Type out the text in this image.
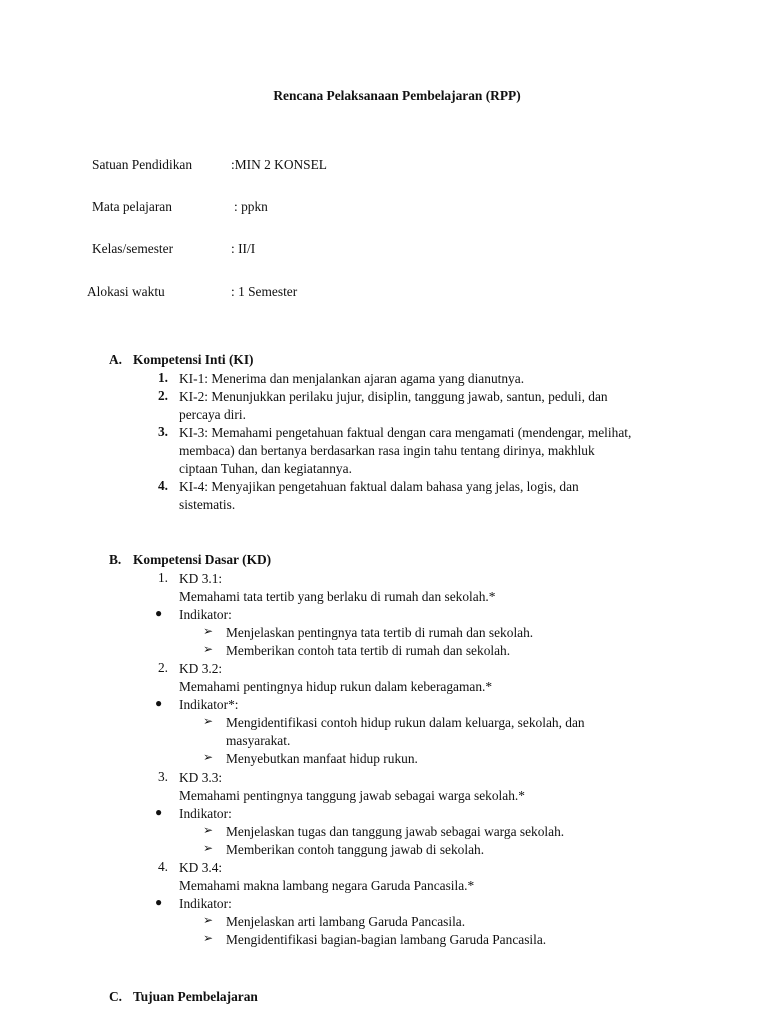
Rencana Pelaksanaan Pembelajaran (RPP)
Satuan Pendidikan	:MIN 2 KONSEL
Mata pelajaran	: ppkn
Kelas/semester	: II/I
Alokasi waktu	: 1 Semester
A. Kompetensi Inti (KI)
1. KI-1: Menerima dan menjalankan ajaran agama yang dianutnya.
2. KI-2: Menunjukkan perilaku jujur, disiplin, tanggung jawab, santun, peduli, dan
percaya diri.
3. KI-3: Memahami pengetahuan faktual dengan cara mengamati (mendengar, melihat,
membaca) dan bertanya berdasarkan rasa ingin tahu tentang dirinya, makhluk
ciptaan Tuhan, dan kegiatannya.
4. KI-4: Menyajikan pengetahuan faktual dalam bahasa yang jelas, logis, dan
sistematis.
B. Kompetensi Dasar (KD)
1. KD 3.1:
Memahami tata tertib yang berlaku di rumah dan sekolah.*
● Indikator:
➢ Menjelaskan pentingnya tata tertib di rumah dan sekolah.
➢ Memberikan contoh tata tertib di rumah dan sekolah.
2. KD 3.2:
Memahami pentingnya hidup rukun dalam keberagaman.*
● Indikator*:
➢ Mengidentifikasi contoh hidup rukun dalam keluarga, sekolah, dan
masyarakat.
➢ Menyebutkan manfaat hidup rukun.
3. KD 3.3:
Memahami pentingnya tanggung jawab sebagai warga sekolah.*
● Indikator:
➢ Menjelaskan tugas dan tanggung jawab sebagai warga sekolah.
➢ Memberikan contoh tanggung jawab di sekolah.
4. KD 3.4:
Memahami makna lambang negara Garuda Pancasila.*
● Indikator:
➢ Menjelaskan arti lambang Garuda Pancasila.
➢ Mengidentifikasi bagian-bagian lambang Garuda Pancasila.
C. Tujuan Pembelajaran
